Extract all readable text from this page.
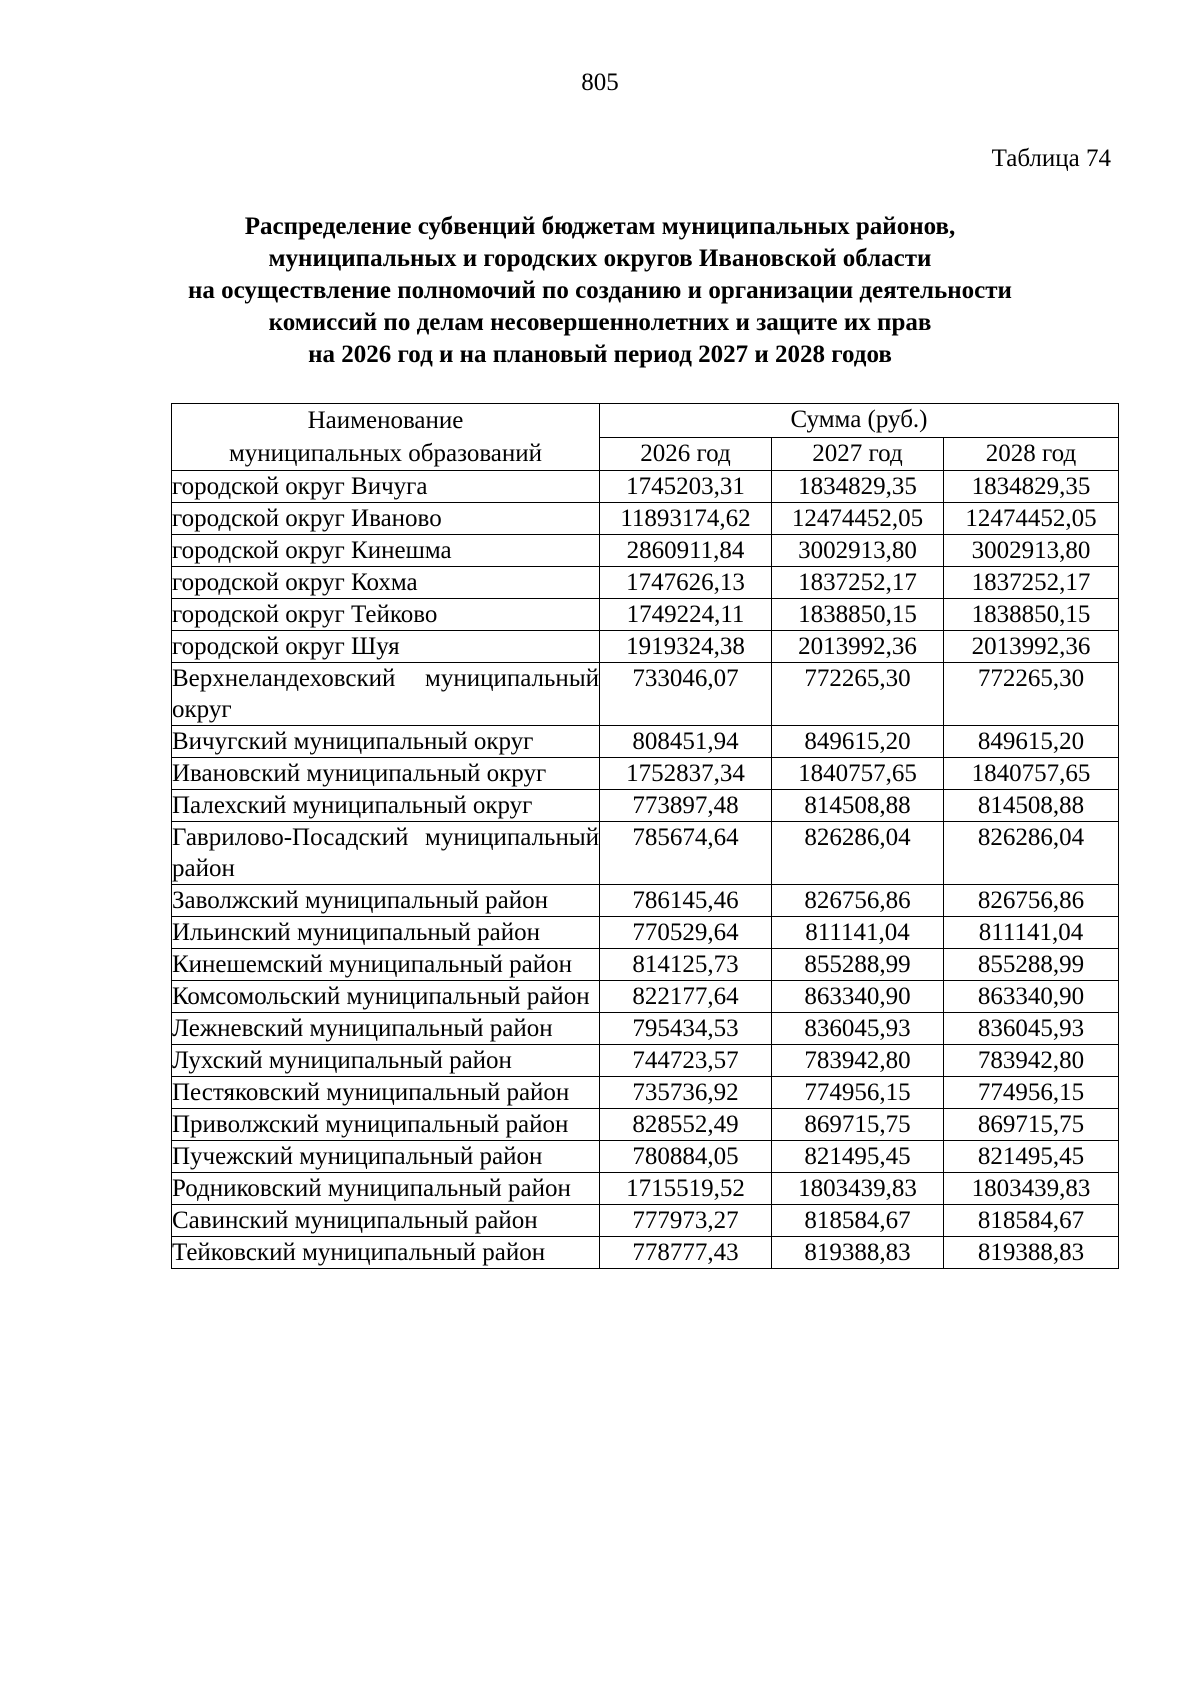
805
Таблица 74
Распределение субвенций бюджетам муниципальных районов,
муниципальных и городских округов Ивановской области
на осуществление полномочий по созданию и организации деятельности
комиссий по делам несовершеннолетних и защите их прав
на 2026 год и на плановый период 2027 и 2028 годов
Наименование
муниципальных образований	Сумма (руб.)		
	2026 год	2027 год	2028 год
городской округ Вичуга	1745203,31	1834829,35	1834829,35
городской округ Иваново	11893174,62	12474452,05	12474452,05
городской округ Кинешма	2860911,84	3002913,80	3002913,80
городской округ Кохма	1747626,13	1837252,17	1837252,17
городской округ Тейково	1749224,11	1838850,15	1838850,15
городской округ Шуя	1919324,38	2013992,36	2013992,36
Верхнеландеховский муниципальный округ	733046,07	772265,30	772265,30
Вичугский муниципальный округ	808451,94	849615,20	849615,20
Ивановский муниципальный округ	1752837,34	1840757,65	1840757,65
Палехский муниципальный округ	773897,48	814508,88	814508,88
Гаврилово-Посадский муниципальный район	785674,64	826286,04	826286,04
Заволжский муниципальный район	786145,46	826756,86	826756,86
Ильинский муниципальный район	770529,64	811141,04	811141,04
Кинешемский муниципальный район	814125,73	855288,99	855288,99
Комсомольский муниципальный район	822177,64	863340,90	863340,90
Лежневский муниципальный район	795434,53	836045,93	836045,93
Лухский муниципальный район	744723,57	783942,80	783942,80
Пестяковский муниципальный район	735736,92	774956,15	774956,15
Приволжский муниципальный район	828552,49	869715,75	869715,75
Пучежский муниципальный район	780884,05	821495,45	821495,45
Родниковский муниципальный район	1715519,52	1803439,83	1803439,83
Савинский муниципальный район	777973,27	818584,67	818584,67
Тейковский муниципальный район	778777,43	819388,83	819388,83
